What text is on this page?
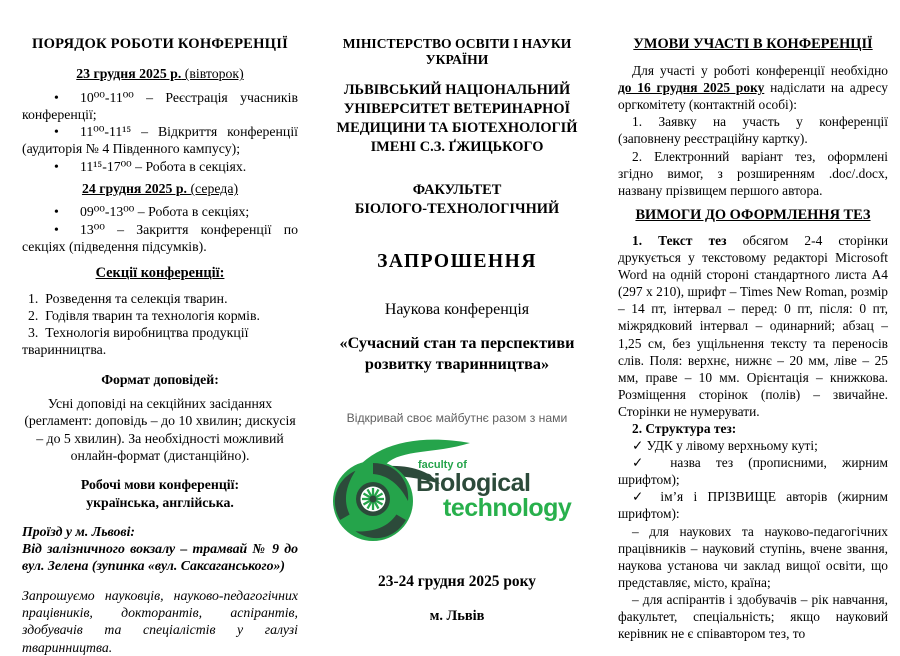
ПОРЯДОК РОБОТИ КОНФЕРЕНЦІЇ
23 грудня 2025 р. (вівторок)
• 10⁰⁰-11⁰⁰ – Реєстрація учасників конференції;
• 11⁰⁰-11¹⁵ – Відкриття конференції (аудиторія № 4 Південного кампусу);
• 11¹⁵-17⁰⁰ – Робота в секціях.
24 грудня 2025 р. (середа)
• 09⁰⁰-13⁰⁰ – Робота в секціях;
• 13⁰⁰ – Закриття конференції по секціях (підведення підсумків).
Секції конференції:

1.  Розведення та селекція тварин.

2.  Годівля тварин та технологія кормів.

3.  Технологія виробництва продукції тваринництва.

Формат доповідей:

Усні доповіді на секційних засіданнях (регламент: доповідь – до 10 хвилин; дискусія – до 5 хвилин). За необхідності можливий онлайн-формат (дистанційно).

Робочі мови конференції:
українська, англійська.
Проїзд у м. Львові:
Від залізничного вокзалу – трамвай № 9 до вул. Зелена (зупинка «вул. Саксаганського»)

Запрошуємо науковців, науково-педагогічних працівників, докторантів, аспірантів, здобувачів та спеціалістів у галузі тваринництва.

МІНІСТЕРСТВО ОСВІТИ І НАУКИ УКРАЇНИ
ЛЬВІВСЬКИЙ НАЦІОНАЛЬНИЙ УНІВЕРСИТЕТ ВЕТЕРИНАРНОЇ МЕДИЦИНИ ТА БІОТЕХНОЛОГІЙ ІМЕНІ С.З. ҐЖИЦЬКОГО
ФАКУЛЬТЕТ
БІОЛОГО-ТЕХНОЛОГІЧНИЙ
ЗАПРОШЕННЯ
Наукова конференція
«Сучасний стан та перспективи розвитку тваринництва»
Відкривай своє майбутнє разом з нами
faculty of
Biological
technology
23-24 грудня 2025 року
м. Львів
УМОВИ УЧАСТІ В КОНФЕРЕНЦІЇ

Для участі у роботі конференції необхідно до 16 грудня 2025 року надіслати на адресу оргкомітету (контактній особі):

1. Заявку на участь у конференції (заповнену реєстраційну картку).

2. Електронний варіант тез, оформлені згідно вимог, з розширенням .doc/.docx, названу прізвищем першого автора.

ВИМОГИ ДО ОФОРМЛЕННЯ ТЕЗ

1. Текст тез обсягом 2-4 сторінки друкується у текстовому редакторі Microsoft Word на одній стороні стандартного листа А4 (297 х 210), шрифт – Times New Roman, розмір – 14 пт, інтервал – перед: 0 пт, після: 0 пт, міжрядковий інтервал – одинарний; абзац – 1,25 см, без ущільнення тексту та переносів слів. Поля: верхнє, нижнє – 20 мм, ліве – 25 мм, праве – 10 мм. Орієнтація – книжкова. Розміщення сторінок (полів) – звичайне. Сторінки не нумерувати.

2. Структура тез:

✓ УДК у лівому верхньому куті;

✓ назва тез (прописними, жирним шрифтом);

✓ ім’я і ПРІЗВИЩЕ авторів (жирним шрифтом):

– для наукових та науково-педагогічних працівників – науковий ступінь, вчене звання, наукова установа чи заклад вищої освіти, що представляє, місто, країна;

– для аспірантів і здобувачів – рік навчання, факультет, спеціальність; якщо науковий керівник не є співавтором тез, то
